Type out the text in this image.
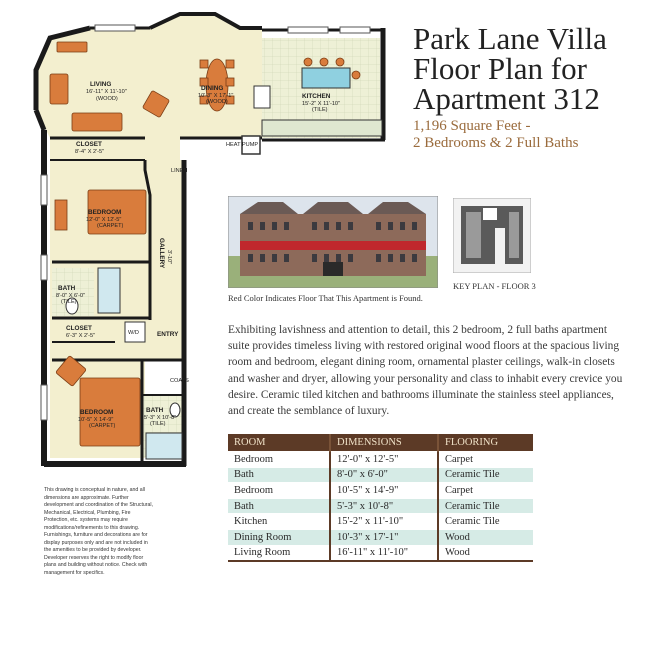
LIVING
16'-11" X 11'-10"
(WOOD)
DINING
10'-3" X 17'-1"
(WOOD)
KITCHEN
15'-2" X 11'-10"
(TILE)
CLOSET
8'-4" X 2'-5"
BEDROOM
12'-0" X 12'-5"
(CARPET)
GALLERY 3'-10"
BATH
8'-0" X 6'-0"
(TILE)
CLOSET
6'-3" X 2'-5"	ENTRY
BEDROOM
10'-5" X 14'-9"
(CARPET)
BATH
5'-3" X 10'-8"
(TILE)
HEAT PUMP
LINEN
COATS
W/D
Park Lane Villa
Floor Plan for
Apartment 312
1,196 Square Feet -
2 Bedrooms & 2 Full Baths
Red Color Indicates Floor That This Apartment is Found.
KEY PLAN - FLOOR 3
Exhibiting lavishness and attention to detail, this 2 bedroom, 2 full baths apartment suite provides timeless living with restored original wood floors at the spacious living room and bedroom, elegant dining room, ornamental plaster ceilings, walk-in closets and washer and dryer, allowing your personality and class to inhabit every crevice you desire. Ceramic tiled kitchen and bathrooms illuminate the stainless steel appliances, and create the semblance of luxury.
ROOM	DIMENSIONS	FLOORING
Bedroom	12'-0" x 12'-5"	Carpet
Bath	8'-0" x 6'-0"	Ceramic Tile
Bedroom	10'-5" x 14'-9"	Carpet
Bath	5'-3" x 10'-8"	Ceramic Tile
Kitchen	15'-2" x 11'-10"	Ceramic Tile
Dining Room	10'-3" x 17'-1"	Wood
Living Room	16'-11" x 11'-10"	Wood
This drawing is conceptual in nature, and all dimensions are approximate. Further development and coordination of the Structural, Mechanical, Electrical, Plumbing, Fire Protection, etc. systems may require modifications/refinements to this drawing. Furnishings, furniture and decorations are for display purposes only and are not included in the amenities to be provided by developer. Developer reserves the right to modify floor plans and building without notice. Check with management for specifics.
